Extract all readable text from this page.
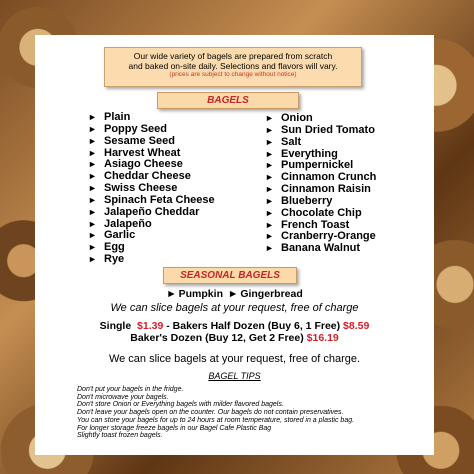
Our wide variety of bagels are prepared from scratch
and baked on-site daily. Selections and flavors will vary.
(prices are subject to change without notice)
BAGELS
► Plain
► Poppy Seed
► Sesame Seed
► Harvest Wheat
► Asiago Cheese
► Cheddar Cheese
► Swiss Cheese
► Spinach Feta Cheese
► Jalapeño Cheddar
► Jalapeño
► Garlic
► Egg
► Rye
► Onion
► Sun Dried Tomato
► Salt
► Everything
► Pumpernickel
► Cinnamon Crunch
► Cinnamon Raisin
► Blueberry
► Chocolate Chip
► French Toast
► Cranberry-Orange
► Banana Walnut
SEASONAL BAGELS
► Pumpkin ► Gingerbread
We can slice bagels at your request, free of charge
Single $1.39 - Bakers Half Dozen (Buy 6, 1 Free) $8.59
Baker's Dozen (Buy 12, Get 2 Free) $16.19
We can slice bagels at your request, free of charge.
BAGEL TIPS
Don't put your bagels in the fridge.
Don't microwave your bagels.
Don't store Onion or Everything bagels with milder flavored bagels.
Don't leave your bagels open on the counter. Our bagels do not contain preservatives.
You can store your bagels for up to 24 hours at room temperature, stored in a plastic bag.
For longer storage freeze bagels in our Bagel Cafe Plastic Bag
Slightly toast frozen bagels.
